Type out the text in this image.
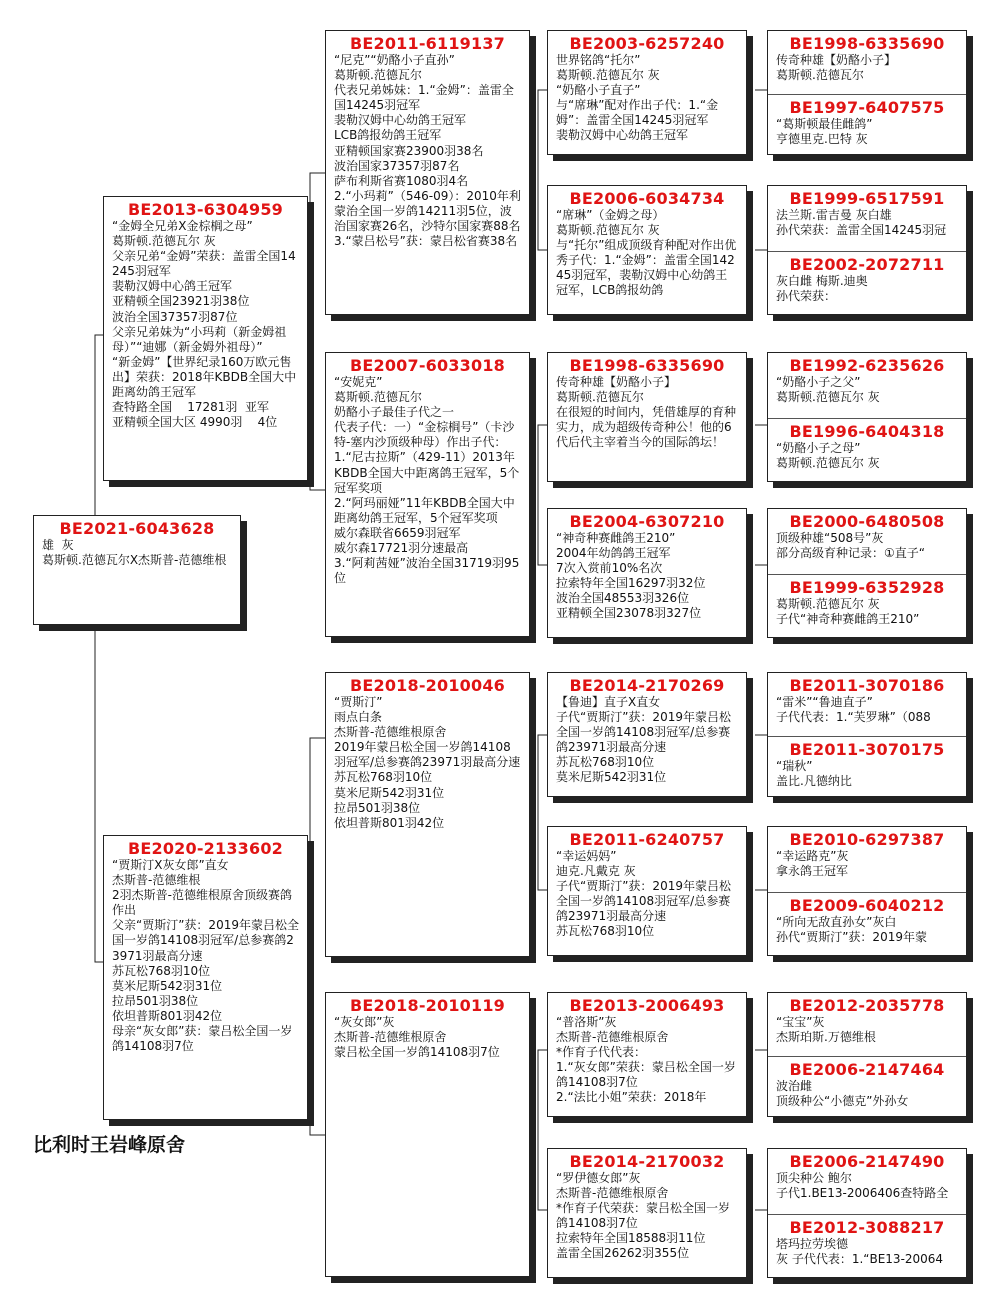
BE2021-6043628
雄  灰
葛斯顿.范德瓦尔X杰斯普-范德维根
BE2013-6304959
“金姆全兄弟X金棕榈之母”
葛斯顿.范德瓦尔 灰
父亲兄弟“金姆”荣获：盖雷全国14245羽冠军
裴勒汉姆中心鸽王冠军
亚精顿全国23921羽38位
波治全国37357羽87位
父亲兄弟妹为“小玛莉（新金姆祖母）”“迪娜（新金姆外祖母）”
“新金姆”【世界纪录160万欧元售出】荣获：2018年KBDB全国大中距离幼鸽王冠军
查特路全国    17281羽  亚军
亚精顿全国大区 4990羽    4位
BE2020-2133602
“贾斯汀X灰女郎”直女
杰斯普-范德维根
2羽杰斯普-范德维根原舍顶级赛鸽作出
父亲“贾斯汀”获：2019年蒙吕松全国一岁鸽14108羽冠军/总参赛鸽23971羽最高分速
苏瓦松768羽10位
莫米尼斯542羽31位
拉昂501羽38位
依坦普斯801羽42位
母亲“灰女郎”获：蒙吕松全国一岁鸽14108羽7位
BE2011-6119137
“尼克”“奶酪小子直孙”
葛斯顿.范德瓦尔
代表兄弟姊妹：1.“金姆”：盖雷全国14245羽冠军
裴勒汉姆中心幼鸽王冠军
LCB鸽报幼鸽王冠军
亚精顿国家赛23900羽38名
波治国家37357羽87名
萨布利斯省赛1080羽4名
2.“小玛莉”（546-09）：2010年利蒙治全国一岁鸽14211羽5位，波治国家赛26名，沙特尔国家赛88名
3.“蒙吕松号”获：蒙吕松省赛38名
BE2007-6033018
“安妮克”
葛斯顿.范德瓦尔
奶酪小子最佳子代之一
代表子代：一）“金棕榈号”（卡沙特-塞内沙顶级种母）作出子代：1.“尼古拉斯”（429-11）2013年KBDB全国大中距离鸽王冠军，5个冠军奖项
2.“阿玛丽娅”11年KBDB全国大中距离幼鸽王冠军，5个冠军奖项
威尔森联省6659羽冠军
威尔森17721羽分速最高
3.“阿莉茜娅”波治全国31719羽95位
BE2018-2010046
“贾斯汀”
雨点白条
杰斯普-范德维根原舍
2019年蒙吕松全国一岁鸽14108羽冠军/总参赛鸽23971羽最高分速
苏瓦松768羽10位
莫米尼斯542羽31位
拉昂501羽38位
依坦普斯801羽42位
BE2018-2010119
“灰女郎”灰
杰斯普-范德维根原舍
蒙吕松全国一岁鸽14108羽7位
BE2003-6257240
世界铭鸽“托尔”
葛斯顿.范德瓦尔 灰
“奶酪小子直子”
与“席琳”配对作出子代：1.“金姆”：盖雷全国14245羽冠军
裴勒汉姆中心幼鸽王冠军
BE2006-6034734
“席琳”（金姆之母）
葛斯顿.范德瓦尔 灰
与“托尔”组成顶级育种配对作出优秀子代：1.“金姆”：盖雷全国14245羽冠军，裴勒汉姆中心幼鸽王冠军，LCB鸽报幼鸽
BE1998-6335690
传奇种雄【奶酪小子】
葛斯顿.范德瓦尔
在很短的时间内，凭借雄厚的育种实力，成为超级传奇种公！他的6代后代主宰着当今的国际鸽坛！
BE2004-6307210
“神奇种赛雌鸽王210”
2004年幼鸽鸽王冠军
7次入赏前10%名次
拉索特年全国16297羽32位
波治全国48553羽326位
亚精顿全国23078羽327位
BE2014-2170269
【鲁迪】直子X直女
子代“贾斯汀”获：2019年蒙吕松全国一岁鸽14108羽冠军/总参赛鸽23971羽最高分速
苏瓦松768羽10位
莫米尼斯542羽31位
BE2011-6240757
“幸运妈妈”
迪克.凡戴克 灰
子代“贾斯汀”获：2019年蒙吕松全国一岁鸽14108羽冠军/总参赛鸽23971羽最高分速
苏瓦松768羽10位
BE2013-2006493
“普洛斯”灰
杰斯普-范德维根原舍
*作育子代代表：
1.“灰女郎”荣获：蒙吕松全国一岁鸽14108羽7位
2.“法比小姐”荣获：2018年
BE2014-2170032
“罗伊德女郎”灰
杰斯普-范德维根原舍
*作育子代荣获：蒙吕松全国一岁鸽14108羽7位
拉索特年全国18588羽11位
盖雷全国26262羽355位
BE1998-6335690
传奇种雄【奶酪小子】
葛斯顿.范德瓦尔
BE1997-6407575
“葛斯顿最佳雌鸽”
亨德里克.巴特 灰
BE1999-6517591
法兰斯.雷吉曼 灰白雄
孙代荣获：盖雷全国14245羽冠
BE2002-2072711
灰白雌 梅斯.迪奥
孙代荣获：
BE1992-6235626
“奶酪小子之父”
葛斯顿.范德瓦尔 灰
BE1996-6404318
“奶酪小子之母”
葛斯顿.范德瓦尔 灰
BE2000-6480508
顶级种雄“508号”灰
部分高级育种记录：①直子“
BE1999-6352928
葛斯顿.范德瓦尔 灰
子代“神奇种赛雌鸽王210”
BE2011-3070186
“雷米”“鲁迪直子”
子代代表：1.“芙罗琳”（088
BE2011-3070175
“瑞秋”
盖比.凡德纳比
BE2010-6297387
“幸运路克”灰
拿永鸽王冠军
BE2009-6040212
“所向无敌直孙女”灰白
孙代“贾斯汀”获：2019年蒙
BE2012-2035778
“宝宝”灰
杰斯珀斯.万德维根
BE2006-2147464
波治雌
顶级种公“小德克”外孙女
BE2006-2147490
顶尖种公 鲍尔
子代1.BE13-2006406查特路全
BE2012-3088217
塔玛拉劳埃德
灰 子代代表：1.“BE13-20064
比利时王岩峰原舍
